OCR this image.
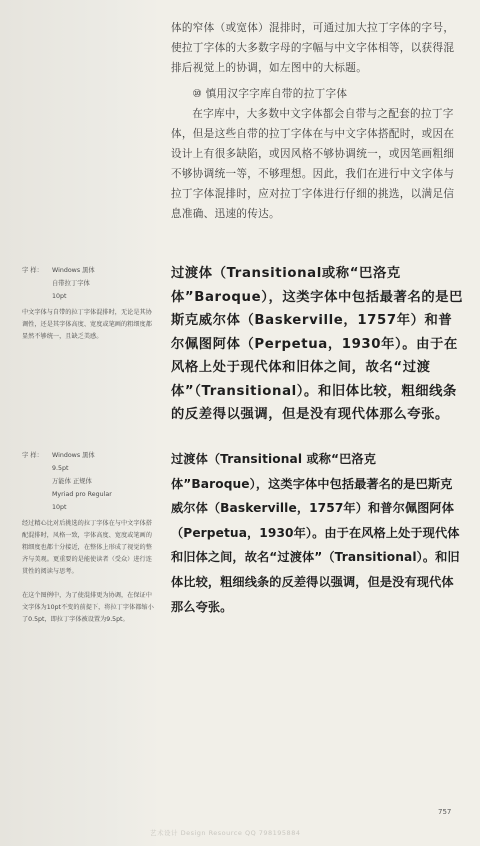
体的窄体（或宽体）混排时，可通过加大拉丁字体的字号，使拉丁字体的大多数字母的字幅与中文字体相等，以获得混排后视觉上的协调，如左图中的大标题。

⑩ 慎用汉字字库自带的拉丁字体

在字库中，大多数中文字体都会自带与之配套的拉丁字体，但是这些自带的拉丁字体在与中文字体搭配时，或因在设计上有很多缺陷，或因风格不够协调统一，或因笔画粗细不够协调统一等，不够理想。因此，我们在进行中文字体与拉丁字体混排时，应对拉丁字体进行仔细的挑选，以满足信息准确、迅速的传达。

字 样： Windows 黑体
自带拉丁字体
10pt

中文字体与自带的拉丁字体混排时，无论是其协调性，还是其字体高度、宽度或笔画的粗细度都显然不够统一，且缺乏美感。

字 样： Windows 黑体
9.5pt
万能体 正规体
Myriad pro Regular
10pt

经过精心比对后挑选的拉丁字体在与中文字体搭配混排时，风格一致，字体高度、宽度或笔画的粗细度也都十分接近，在整体上形成了视觉的整齐与美观。更重要的是能使读者（受众）进行连贯性的阅读与思考。

在这个图例中，为了使混排更为协调，在保证中文字体为10pt不变的前提下，将拉丁字体都缩小了0.5pt，即拉丁字体被设置为9.5pt。

过渡体（Transitional或称“巴洛克体”Baroque），这类字体中包括最著名的是巴斯克威尔体（Baskerville，1757年）和普尔佩图阿体（Perpetua，1930年）。由于在风格上处于现代体和旧体之间，故名“过渡体”（Transitional）。和旧体比较，粗细线条的反差得以强调，但是没有现代体那么夸张。
过渡体（Transitional 或称“巴洛克体”Baroque），这类字体中包括最著名的是巴斯克威尔体（Baskerville，1757年）和普尔佩图阿体（Perpetua，1930年）。由于在风格上处于现代体和旧体之间，故名“过渡体”（Transitional）。和旧体比较，粗细线条的反差得以强调，但是没有现代体那么夸张。
757
艺术设计 Design Resource QQ 798195884
